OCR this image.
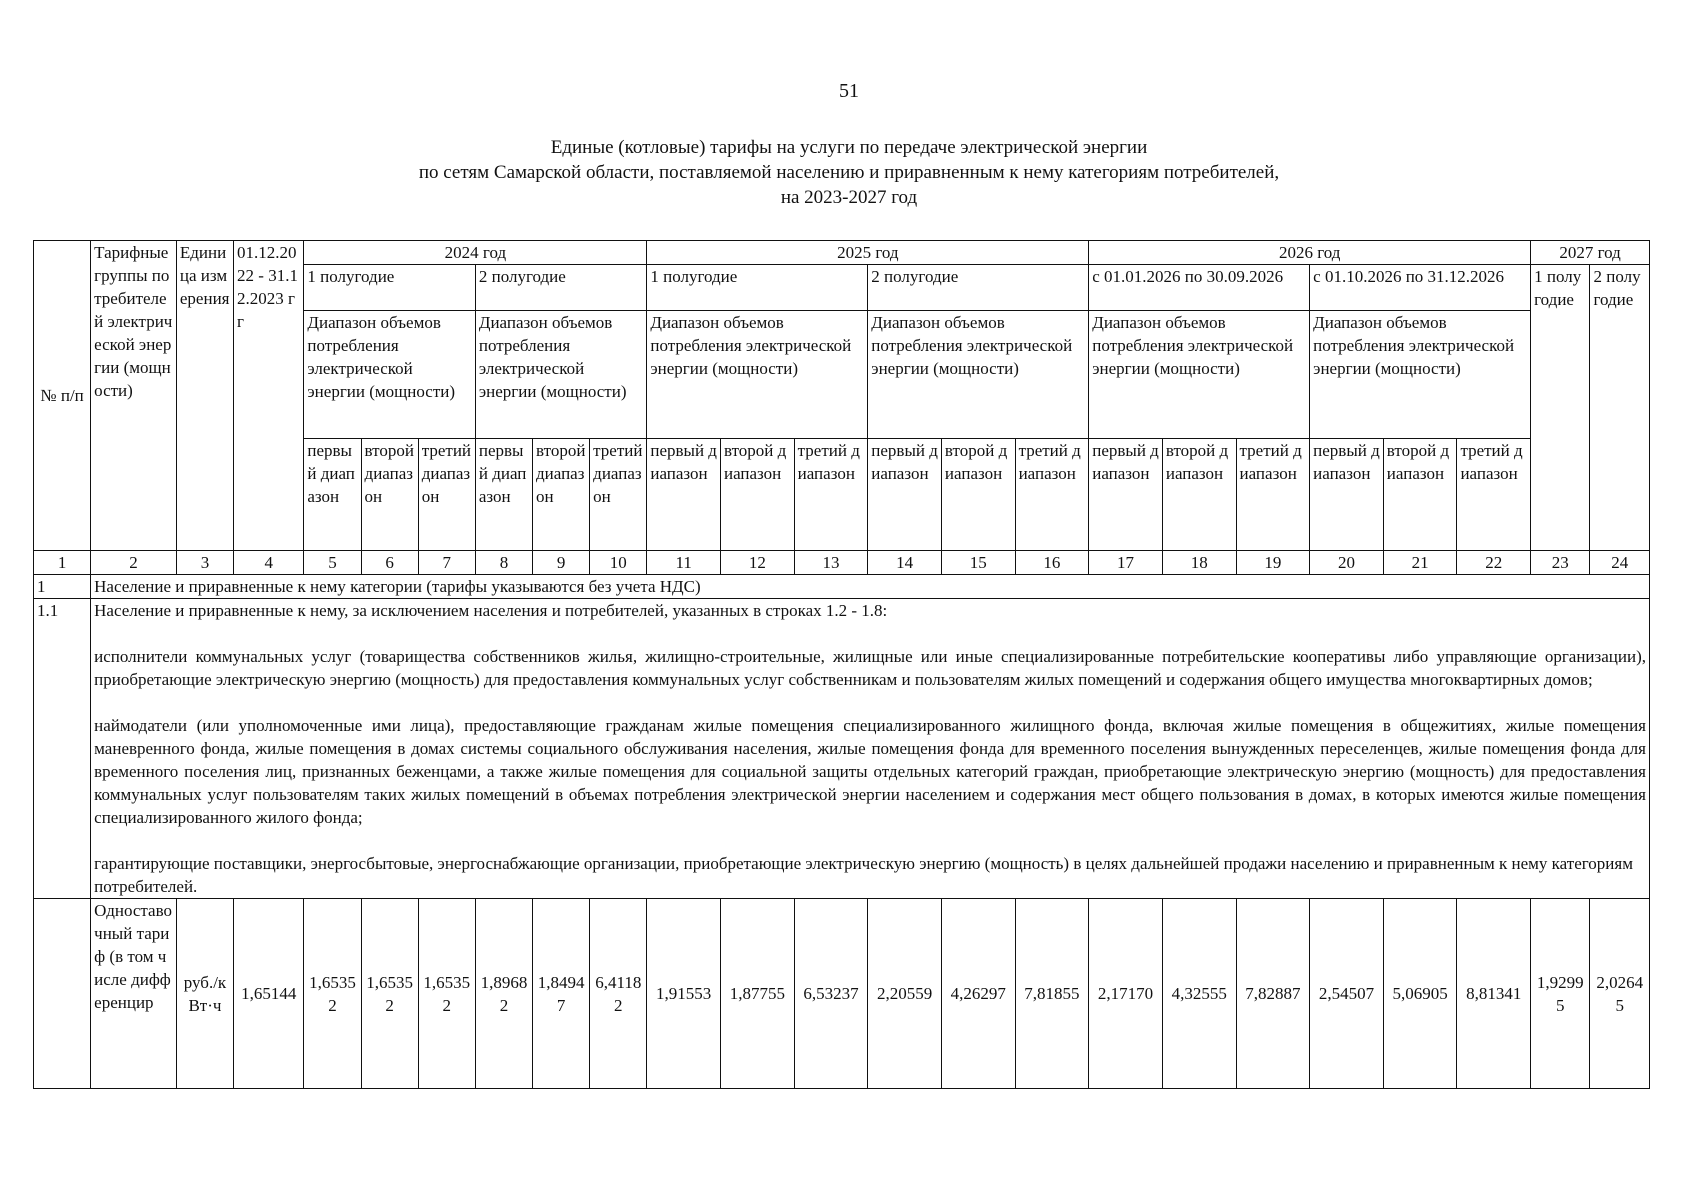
51
Единые (котловые) тарифы на услуги по передаче электрической энергии
по сетям Самарской области, поставляемой населению и приравненным к нему категориям потребителей,
на 2023-2027 год
№ п/п	Тарифные группы потребителей электрической энергии (мощности)	Единица измерения	01.12.2022 - 31.12.2023 гг	2024 год						2025 год						2026 год						2027 год	
				1 полугодие			2 полугодие			1 полугодие			2 полугодие			с 01.01.2026 по 30.09.2026			с 01.10.2026 по 31.12.2026			1 полугодие	2 полугодие
				Диапазон объемов потребления электрической энергии (мощности)			Диапазон объемов потребления электрической энергии (мощности)			Диапазон объемов потребления электрической энергии (мощности)			Диапазон объемов потребления электрической энергии (мощности)			Диапазон объемов потребления электрической энергии (мощности)			Диапазон объемов потребления электрической энергии (мощности)				
				первый диапазон	второй диапазон	третий диапазон	первый диапазон	второй диапазон	третий диапазон	первый диапазон	второй диапазон	третий диапазон	первый диапазон	второй диапазон	третий диапазон	первый диапазон	второй диапазон	третий диапазон	первый диапазон	второй диапазон	третий диапазон		
1	2	3	4	5	6	7	8	9	10	11	12	13	14	15	16	17	18	19	20	21	22	23	24
1	Население и приравненные к нему категории (тарифы указываются без учета НДС)																						
1.1	Население и приравненные к нему, за исключением населения и потребителей, указанных в строках 1.2 - 1.8:

исполнители коммунальных услуг (товарищества собственников жилья, жилищно-строительные, жилищные или иные специализированные потребительские кооперативы либо управляющие организации), приобретающие электрическую энергию (мощность) для предоставления коммунальных услуг собственникам и пользователям жилых помещений и содержания общего имущества многоквартирных домов;

наймодатели (или уполномоченные ими лица), предоставляющие гражданам жилые помещения специализированного жилищного фонда, включая жилые помещения в общежитиях, жилые помещения маневренного фонда, жилые помещения в домах системы социального обслуживания населения, жилые помещения фонда для временного поселения вынужденных переселенцев, жилые помещения фонда для временного поселения лиц, признанных беженцами, а также жилые помещения для социальной защиты отдельных категорий граждан, приобретающие электрическую энергию (мощность) для предоставления коммунальных услуг пользователям таких жилых помещений в объемах потребления электрической энергии населением и содержания мест общего пользования в домах, в которых имеются жилые помещения специализированного жилого фонда;

гарантирующие поставщики, энергосбытовые, энергоснабжающие организации, приобретающие электрическую энергию (мощность) в целях дальнейшей продажи населению и приравненным к нему категориям потребителей.																						

	Одноставочный тариф (в том числе дифференцир	руб./кВт·ч	1,65144	1,65352	1,65352	1,65352	1,89682	1,84947	6,41182	1,91553	1,87755	6,53237	2,20559	4,26297	7,81855	2,17170	4,32555	7,82887	2,54507	5,06905	8,81341	1,92995	2,02645
